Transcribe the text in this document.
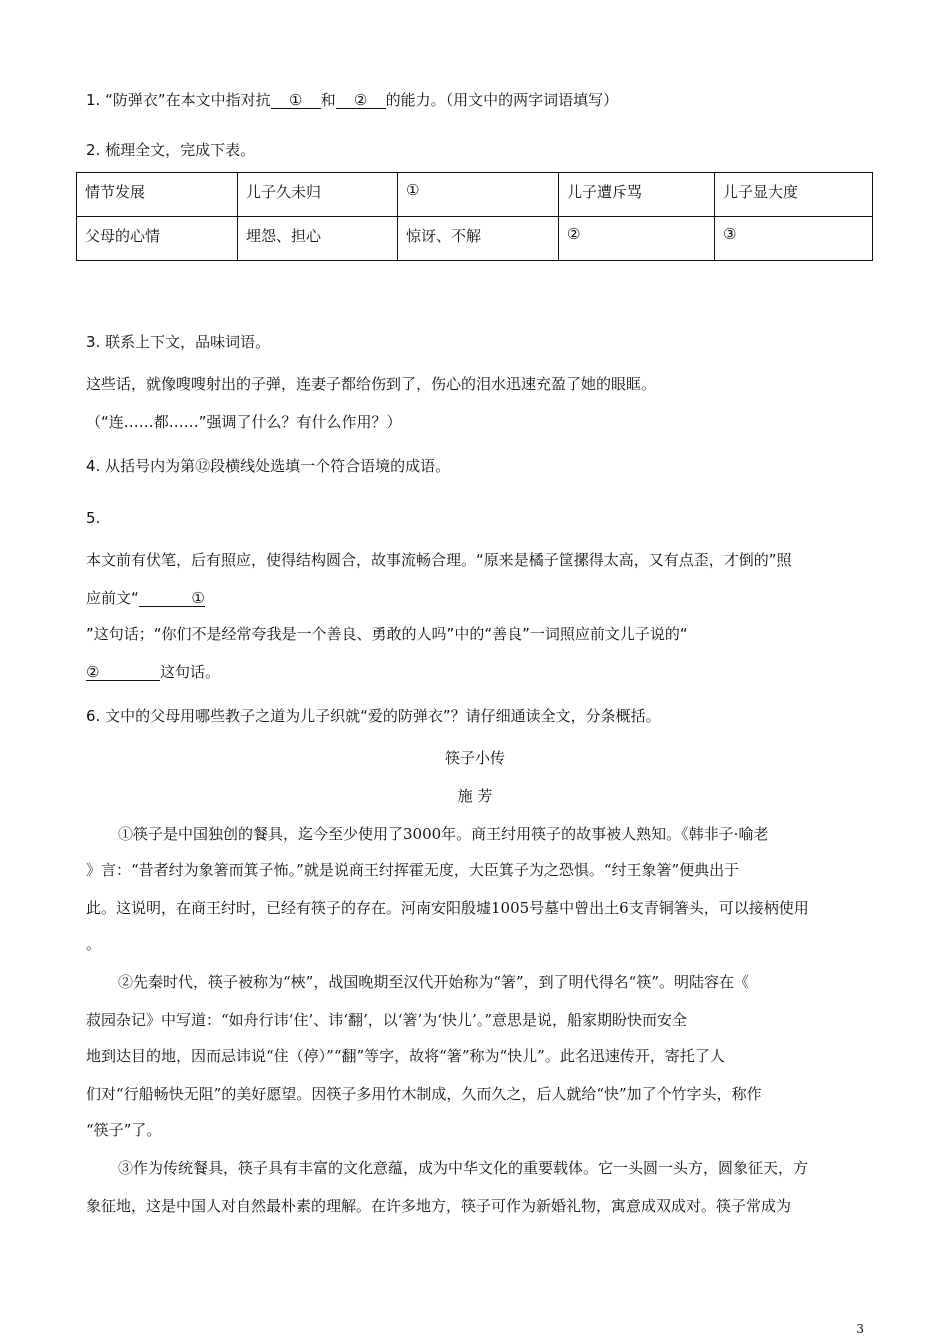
1. “防弹衣”在本文中指对抗 ① 和 ② 的能力。（用文中的两字词语填写）
2. 梳理全文，完成下表。
情节发展	儿子久未归	①	儿子遭斥骂	儿子显大度
父母的心情	埋怨、担心	惊讶、不解	②	③
3. 联系上下文，品味词语。
这些话，就像嗖嗖射出的子弹，连妻子都给伤到了，伤心的泪水迅速充盈了她的眼眶。
（“连……都……”强调了什么？有什么作用？）
4. 从括号内为第⑫段横线处选填一个符合语境的成语。
5.
本文前有伏笔，后有照应，使得结构圆合，故事流畅合理。“原来是橘子筐摞得太高，又有点歪，才倒的”照
应前文“	①
”这句话；“你们不是经常夸我是一个善良、勇敢的人吗”中的“善良”一词照应前文儿子说的“
②	这句话。
6. 文中的父母用哪些教子之道为儿子织就“爱的防弹衣”？请仔细通读全文，分条概括。
筷子小传
施 芳
①筷子是中国独创的餐具，迄今至少使用了3000年。商王纣用筷子的故事被人熟知。《韩非子·喻老
》言：“昔者纣为象箸而箕子怖。”就是说商王纣挥霍无度，大臣箕子为之恐惧。“纣王象箸”便典出于
此。这说明，在商王纣时，已经有筷子的存在。河南安阳殷墟1005号墓中曾出土6支青铜箸头，可以接柄使用
。
②先秦时代，筷子被称为“梜”，战国晚期至汉代开始称为“箸”，到了明代得名“筷”。明陆容在《
菽园杂记》中写道：“如舟行讳‘住’、讳‘翻’，以‘箸’为‘快儿’。”意思是说，船家期盼快而安全
地到达目的地，因而忌讳说“住（停）”“翻”等字，故将“箸”称为“快儿”。此名迅速传开，寄托了人
们对“行船畅快无阻”的美好愿望。因筷子多用竹木制成，久而久之，后人就给“快”加了个竹字头，称作
“筷子”了。
③作为传统餐具，筷子具有丰富的文化意蕴，成为中华文化的重要载体。它一头圆一头方，圆象征天，方
象征地，这是中国人对自然最朴素的理解。在许多地方，筷子可作为新婚礼物，寓意成双成对。筷子常成为
3
